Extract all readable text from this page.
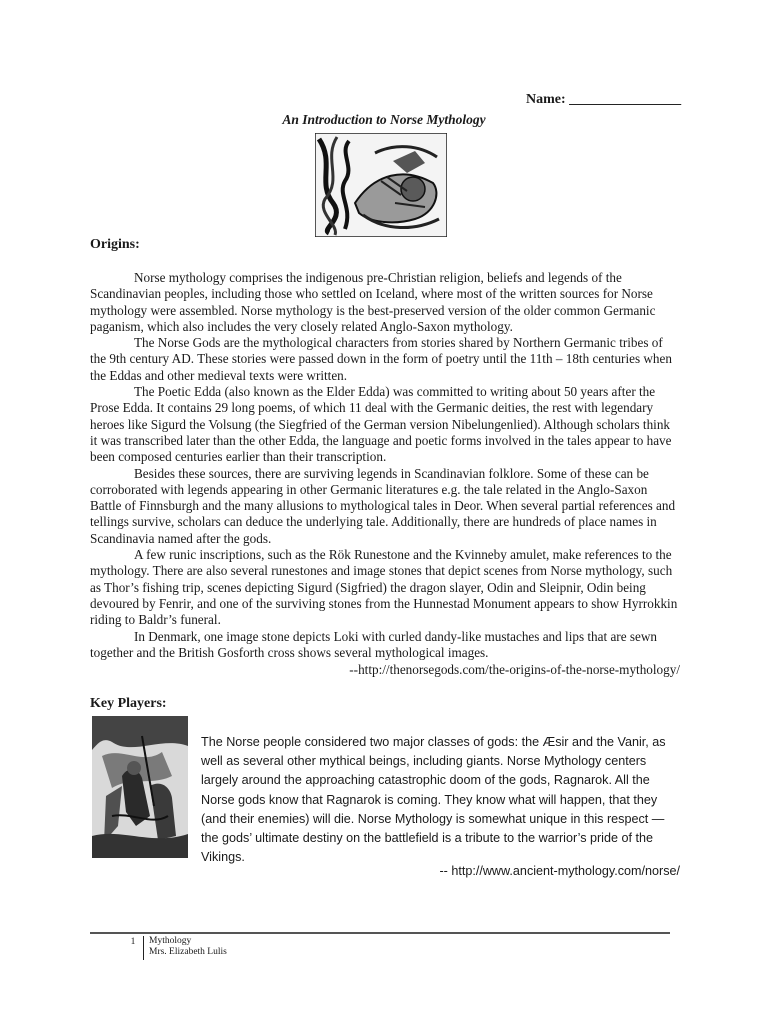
Name: ________________
An Introduction to Norse Mythology
Origins:

Norse mythology comprises the indigenous pre-Christian religion, beliefs and legends of the Scandinavian peoples, including those who settled on Iceland, where most of the written sources for Norse mythology were assembled. Norse mythology is the best-preserved version of the older common Germanic paganism, which also includes the very closely related Anglo-Saxon mythology.

The Norse Gods are the mythological characters from stories shared by Northern Germanic tribes of the 9th century AD. These stories were passed down in the form of poetry until the 11th – 18th centuries when the Eddas and other medieval texts were written.

The Poetic Edda (also known as the Elder Edda) was committed to writing about 50 years after the Prose Edda. It contains 29 long poems, of which 11 deal with the Germanic deities, the rest with legendary heroes like Sigurd the Volsung (the Siegfried of the German version Nibelungenlied). Although scholars think it was transcribed later than the other Edda, the language and poetic forms involved in the tales appear to have been composed centuries earlier than their transcription.

Besides these sources, there are surviving legends in Scandinavian folklore. Some of these can be corroborated with legends appearing in other Germanic literatures e.g. the tale related in the Anglo-Saxon Battle of Finnsburgh and the many allusions to mythological tales in Deor. When several partial references and tellings survive, scholars can deduce the underlying tale. Additionally, there are hundreds of place names in Scandinavia named after the gods.

A few runic inscriptions, such as the Rök Runestone and the Kvinneby amulet, make references to the mythology. There are also several runestones and image stones that depict scenes from Norse mythology, such as Thor’s fishing trip, scenes depicting Sigurd (Sigfried) the dragon slayer, Odin and Sleipnir, Odin being devoured by Fenrir, and one of the surviving stones from the Hunnestad Monument appears to show Hyrrokkin riding to Baldr’s funeral.

In Denmark, one image stone depicts Loki with curled dandy-like mustaches and lips that are sewn together and the British Gosforth cross shows several mythological images.

--http://thenorsegods.com/the-origins-of-the-norse-mythology/
Key Players:
The Norse people considered two major classes of gods: the Æsir and the Vanir, as well as several other mythical beings, including giants. Norse Mythology centers largely around the approaching catastrophic doom of the gods, Ragnarok. All the Norse gods know that Ragnarok is coming. They know what will happen, that they (and their enemies) will die. Norse Mythology is somewhat unique in this respect — the gods’ ultimate destiny on the battlefield is a tribute to the warrior’s pride of the Vikings.
-- http://www.ancient-mythology.com/norse/
1	Mythology
Mrs. Elizabeth Lulis
